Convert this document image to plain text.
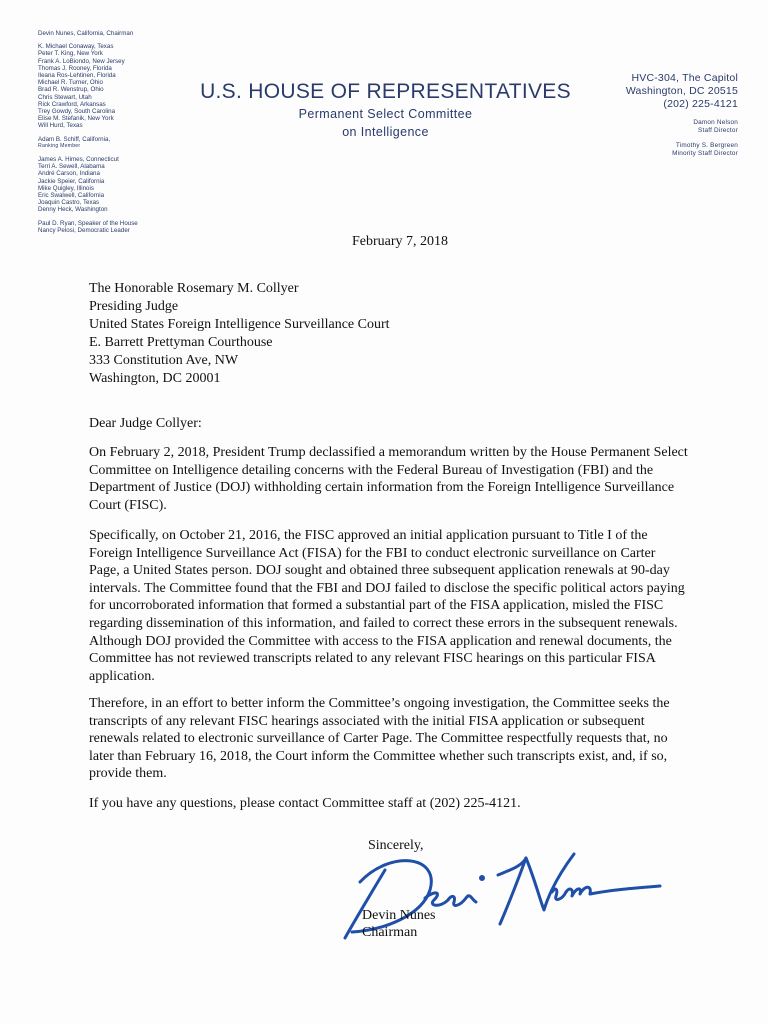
Devin Nunes, California, Chairman
K. Michael Conaway, Texas
Peter T. King, New York
Frank A. LoBiondo, New Jersey
Thomas J. Rooney, Florida
Ileana Ros-Lehtinen, Florida
Michael R. Turner, Ohio
Brad R. Wenstrup, Ohio
Chris Stewart, Utah
Rick Crawford, Arkansas
Trey Gowdy, South Carolina
Elise M. Stefanik, New York
Will Hurd, Texas
Adam B. Schiff, California,
Ranking Member
James A. Himes, Connecticut
Terri A. Sewell, Alabama
André Carson, Indiana
Jackie Speier, California
Mike Quigley, Illinois
Eric Swalwell, California
Joaquin Castro, Texas
Denny Heck, Washington
Paul D. Ryan, Speaker of the House
Nancy Pelosi, Democratic Leader
U.S. HOUSE OF REPRESENTATIVES
Permanent Select Committee
on Intelligence
HVC-304, The Capitol
Washington, DC 20515
(202) 225-4121
Damon Nelson
Staff Director
Timothy S. Bergreen
Minority Staff Director
February 7, 2018
The Honorable Rosemary M. Collyer
Presiding Judge
United States Foreign Intelligence Surveillance Court
E. Barrett Prettyman Courthouse
333 Constitution Ave, NW
Washington, DC 20001
Dear Judge Collyer:
On February 2, 2018, President Trump declassified a memorandum written by the House Permanent Select Committee on Intelligence detailing concerns with the Federal Bureau of Investigation (FBI) and the Department of Justice (DOJ) withholding certain information from the Foreign Intelligence Surveillance Court (FISC).
Specifically, on October 21, 2016, the FISC approved an initial application pursuant to Title I of the Foreign Intelligence Surveillance Act (FISA) for the FBI to conduct electronic surveillance on Carter Page, a United States person. DOJ sought and obtained three subsequent application renewals at 90-day intervals. The Committee found that the FBI and DOJ failed to disclose the specific political actors paying for uncorroborated information that formed a substantial part of the FISA application, misled the FISC regarding dissemination of this information, and failed to correct these errors in the subsequent renewals. Although DOJ provided the Committee with access to the FISA application and renewal documents, the Committee has not reviewed transcripts related to any relevant FISC hearings on this particular FISA application.
Therefore, in an effort to better inform the Committee’s ongoing investigation, the Committee seeks the transcripts of any relevant FISC hearings associated with the initial FISA application or subsequent renewals related to electronic surveillance of Carter Page. The Committee respectfully requests that, no later than February 16, 2018, the Court inform the Committee whether such transcripts exist, and, if so, provide them.
If you have any questions, please contact Committee staff at (202) 225-4121.
Sincerely,
Devin Nunes
Chairman
